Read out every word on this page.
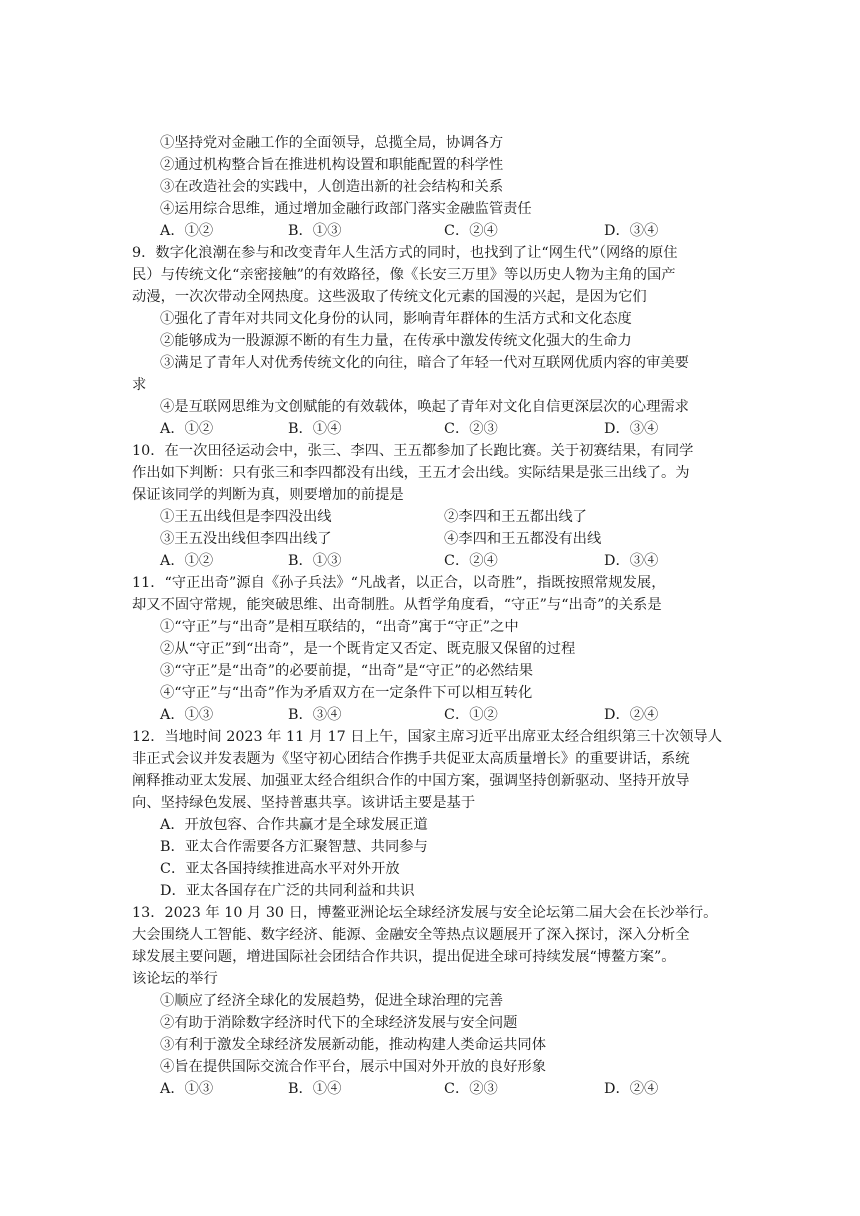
①坚持党对金融工作的全面领导，总揽全局，协调各方
②通过机构整合旨在推进机构设置和职能配置的科学性
③在改造社会的实践中，人创造出新的社会结构和关系
④运用综合思维，通过增加金融行政部门落实金融监管责任
A．①②	B．①③	C．②④	D．③④
9．数字化浪潮在参与和改变青年人生活方式的同时，也找到了让“网生代”（网络的原住
民）与传统文化“亲密接触”的有效路径，像《长安三万里》等以历史人物为主角的国产
动漫，一次次带动全网热度。这些汲取了传统文化元素的国漫的兴起，是因为它们
①强化了青年对共同文化身份的认同，影响青年群体的生活方式和文化态度
②能够成为一股源源不断的有生力量，在传承中激发传统文化强大的生命力
③满足了青年人对优秀传统文化的向往，暗合了年轻一代对互联网优质内容的审美要
求
④是互联网思维为文创赋能的有效载体，唤起了青年对文化自信更深层次的心理需求
A．①②	B．①④	C．②③	D．③④
10．在一次田径运动会中，张三、李四、王五都参加了长跑比赛。关于初赛结果，有同学
作出如下判断：只有张三和李四都没有出线，王五才会出线。实际结果是张三出线了。为
保证该同学的判断为真，则要增加的前提是
①王五出线但是李四没出线	②李四和王五都出线了
③王五没出线但李四出线了	④李四和王五都没有出线
A．①②	B．①③	C．②④	D．③④
11．“守正出奇”源自《孙子兵法》“凡战者，以正合，以奇胜”，指既按照常规发展，
却又不固守常规，能突破思维、出奇制胜。从哲学角度看，“守正”与“出奇”的关系是
①“守正”与“出奇”是相互联结的，“出奇”寓于“守正”之中
②从“守正”到“出奇”，是一个既肯定又否定、既克服又保留的过程
③“守正”是“出奇”的必要前提，“出奇”是“守正”的必然结果
④“守正”与“出奇”作为矛盾双方在一定条件下可以相互转化
A．①③	B．③④	C．①②	D．②④
12．当地时间 2023 年 11 月 17 日上午，国家主席习近平出席亚太经合组织第三十次领导人
非正式会议并发表题为《坚守初心团结合作携手共促亚太高质量增长》的重要讲话，系统
阐释推动亚太发展、加强亚太经合组织合作的中国方案，强调坚持创新驱动、坚持开放导
向、坚持绿色发展、坚持普惠共享。该讲话主要是基于
A．开放包容、合作共赢才是全球发展正道
B．亚太合作需要各方汇聚智慧、共同参与
C．亚太各国持续推进高水平对外开放
D．亚太各国存在广泛的共同利益和共识
13．2023 年 10 月 30 日，博鳌亚洲论坛全球经济发展与安全论坛第二届大会在长沙举行。
大会围绕人工智能、数字经济、能源、金融安全等热点议题展开了深入探讨，深入分析全
球发展主要问题，增进国际社会团结合作共识，提出促进全球可持续发展“博鳌方案”。
该论坛的举行
①顺应了经济全球化的发展趋势，促进全球治理的完善
②有助于消除数字经济时代下的全球经济发展与安全问题
③有利于激发全球经济发展新动能，推动构建人类命运共同体
④旨在提供国际交流合作平台，展示中国对外开放的良好形象
A．①③	B．①④	C．②③	D．②④
